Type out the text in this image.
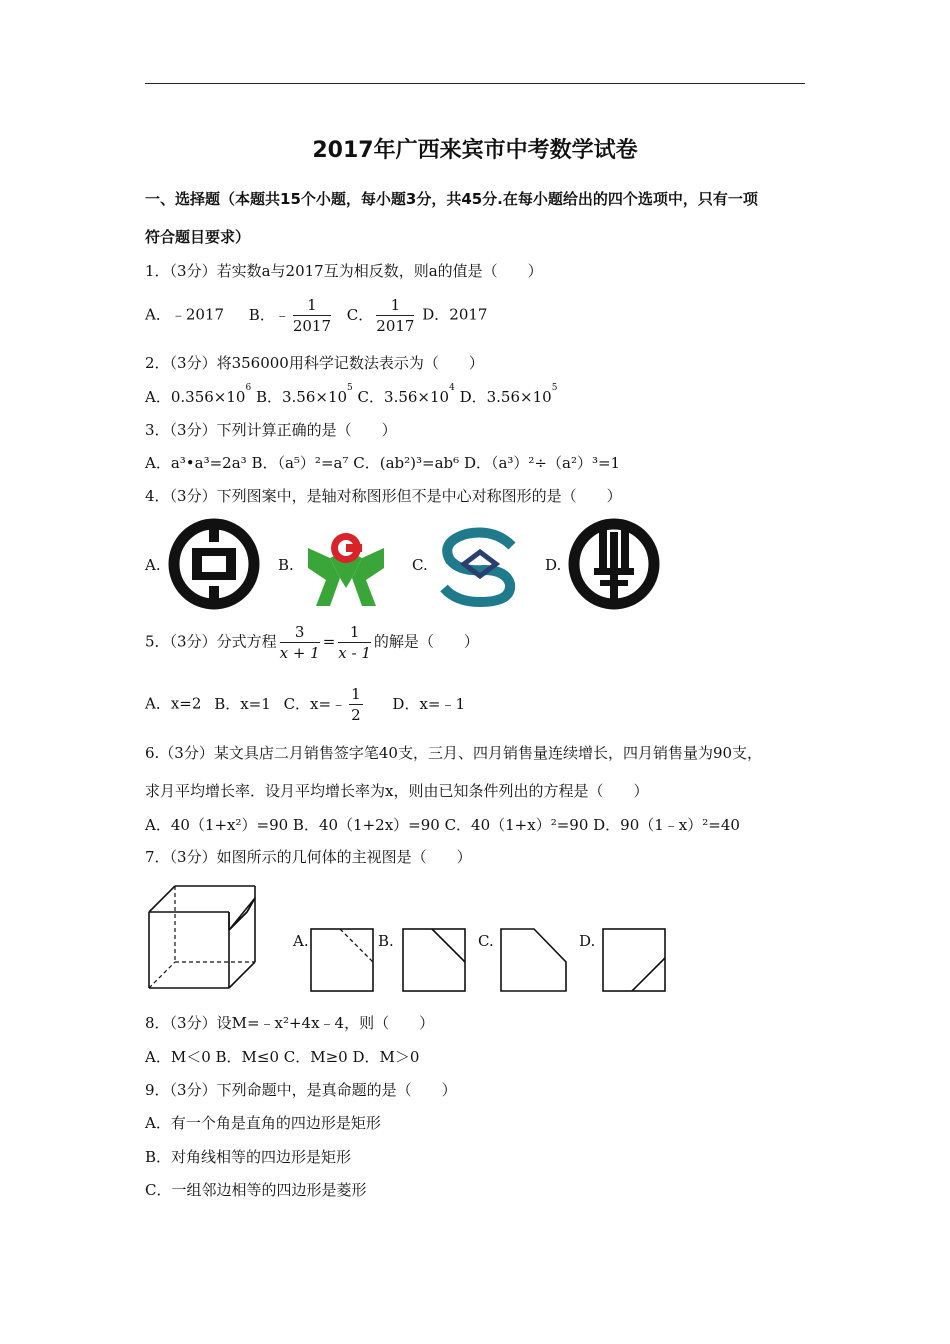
2017年广西来宾市中考数学试卷
一、选择题（本题共15个小题，每小题3分，共45分.在每小题给出的四个选项中，只有一项
符合题目要求）
1．（3分）若实数a与2017互为相反数，则a的值是（　　）
A．﹣2017 B．﹣ $\frac{1}{2017}$ C． $\frac{1}{2017}$ D．2017
2．（3分）将356000用科学记数法表示为（　　）
A．$0.356\times 10^6$ B．$3.56\times 10^5$ C．$3.56\times 10^4$ D．$3.56\times 10^5$
3．（3分）下列计算正确的是（　　）
A．a³•a³=2a³ B．（a⁵）²=a⁷ C．(ab²)³=ab⁶ D．（a³）²÷（a²）³=1
4．（3分）下列图案中，是轴对称图形但不是中心对称图形的是（　　）
A.	B.	C.	D.
5．（3分）分式方程 $\frac{3}{x + 1} = \frac{1}{x - 1}$ 的解是（　　）
A．x=2 B．x=1 C．x=﹣ $\frac{1}{2}$ D．x=﹣1
6.（3分）某文具店二月销售签字笔40支，三月、四月销售量连续增长，四月销售量为90支，
求月平均增长率．设月平均增长率为x，则由已知条件列出的方程是（　　）
A．40（1+x²）=90 B．40（1+2x）=90 C．40（1+x）²=90 D．90（1﹣x）²=40
7．（3分）如图所示的几何体的主视图是（　　）
A.	B.	C.	D.
8．（3分）设M=﹣x²+4x﹣4，则（　　）
A．M＜0 B．M≤0 C．M≥0 D．M＞0
9．（3分）下列命题中，是真命题的是（　　）
A．有一个角是直角的四边形是矩形
B．对角线相等的四边形是矩形
C．一组邻边相等的四边形是菱形
